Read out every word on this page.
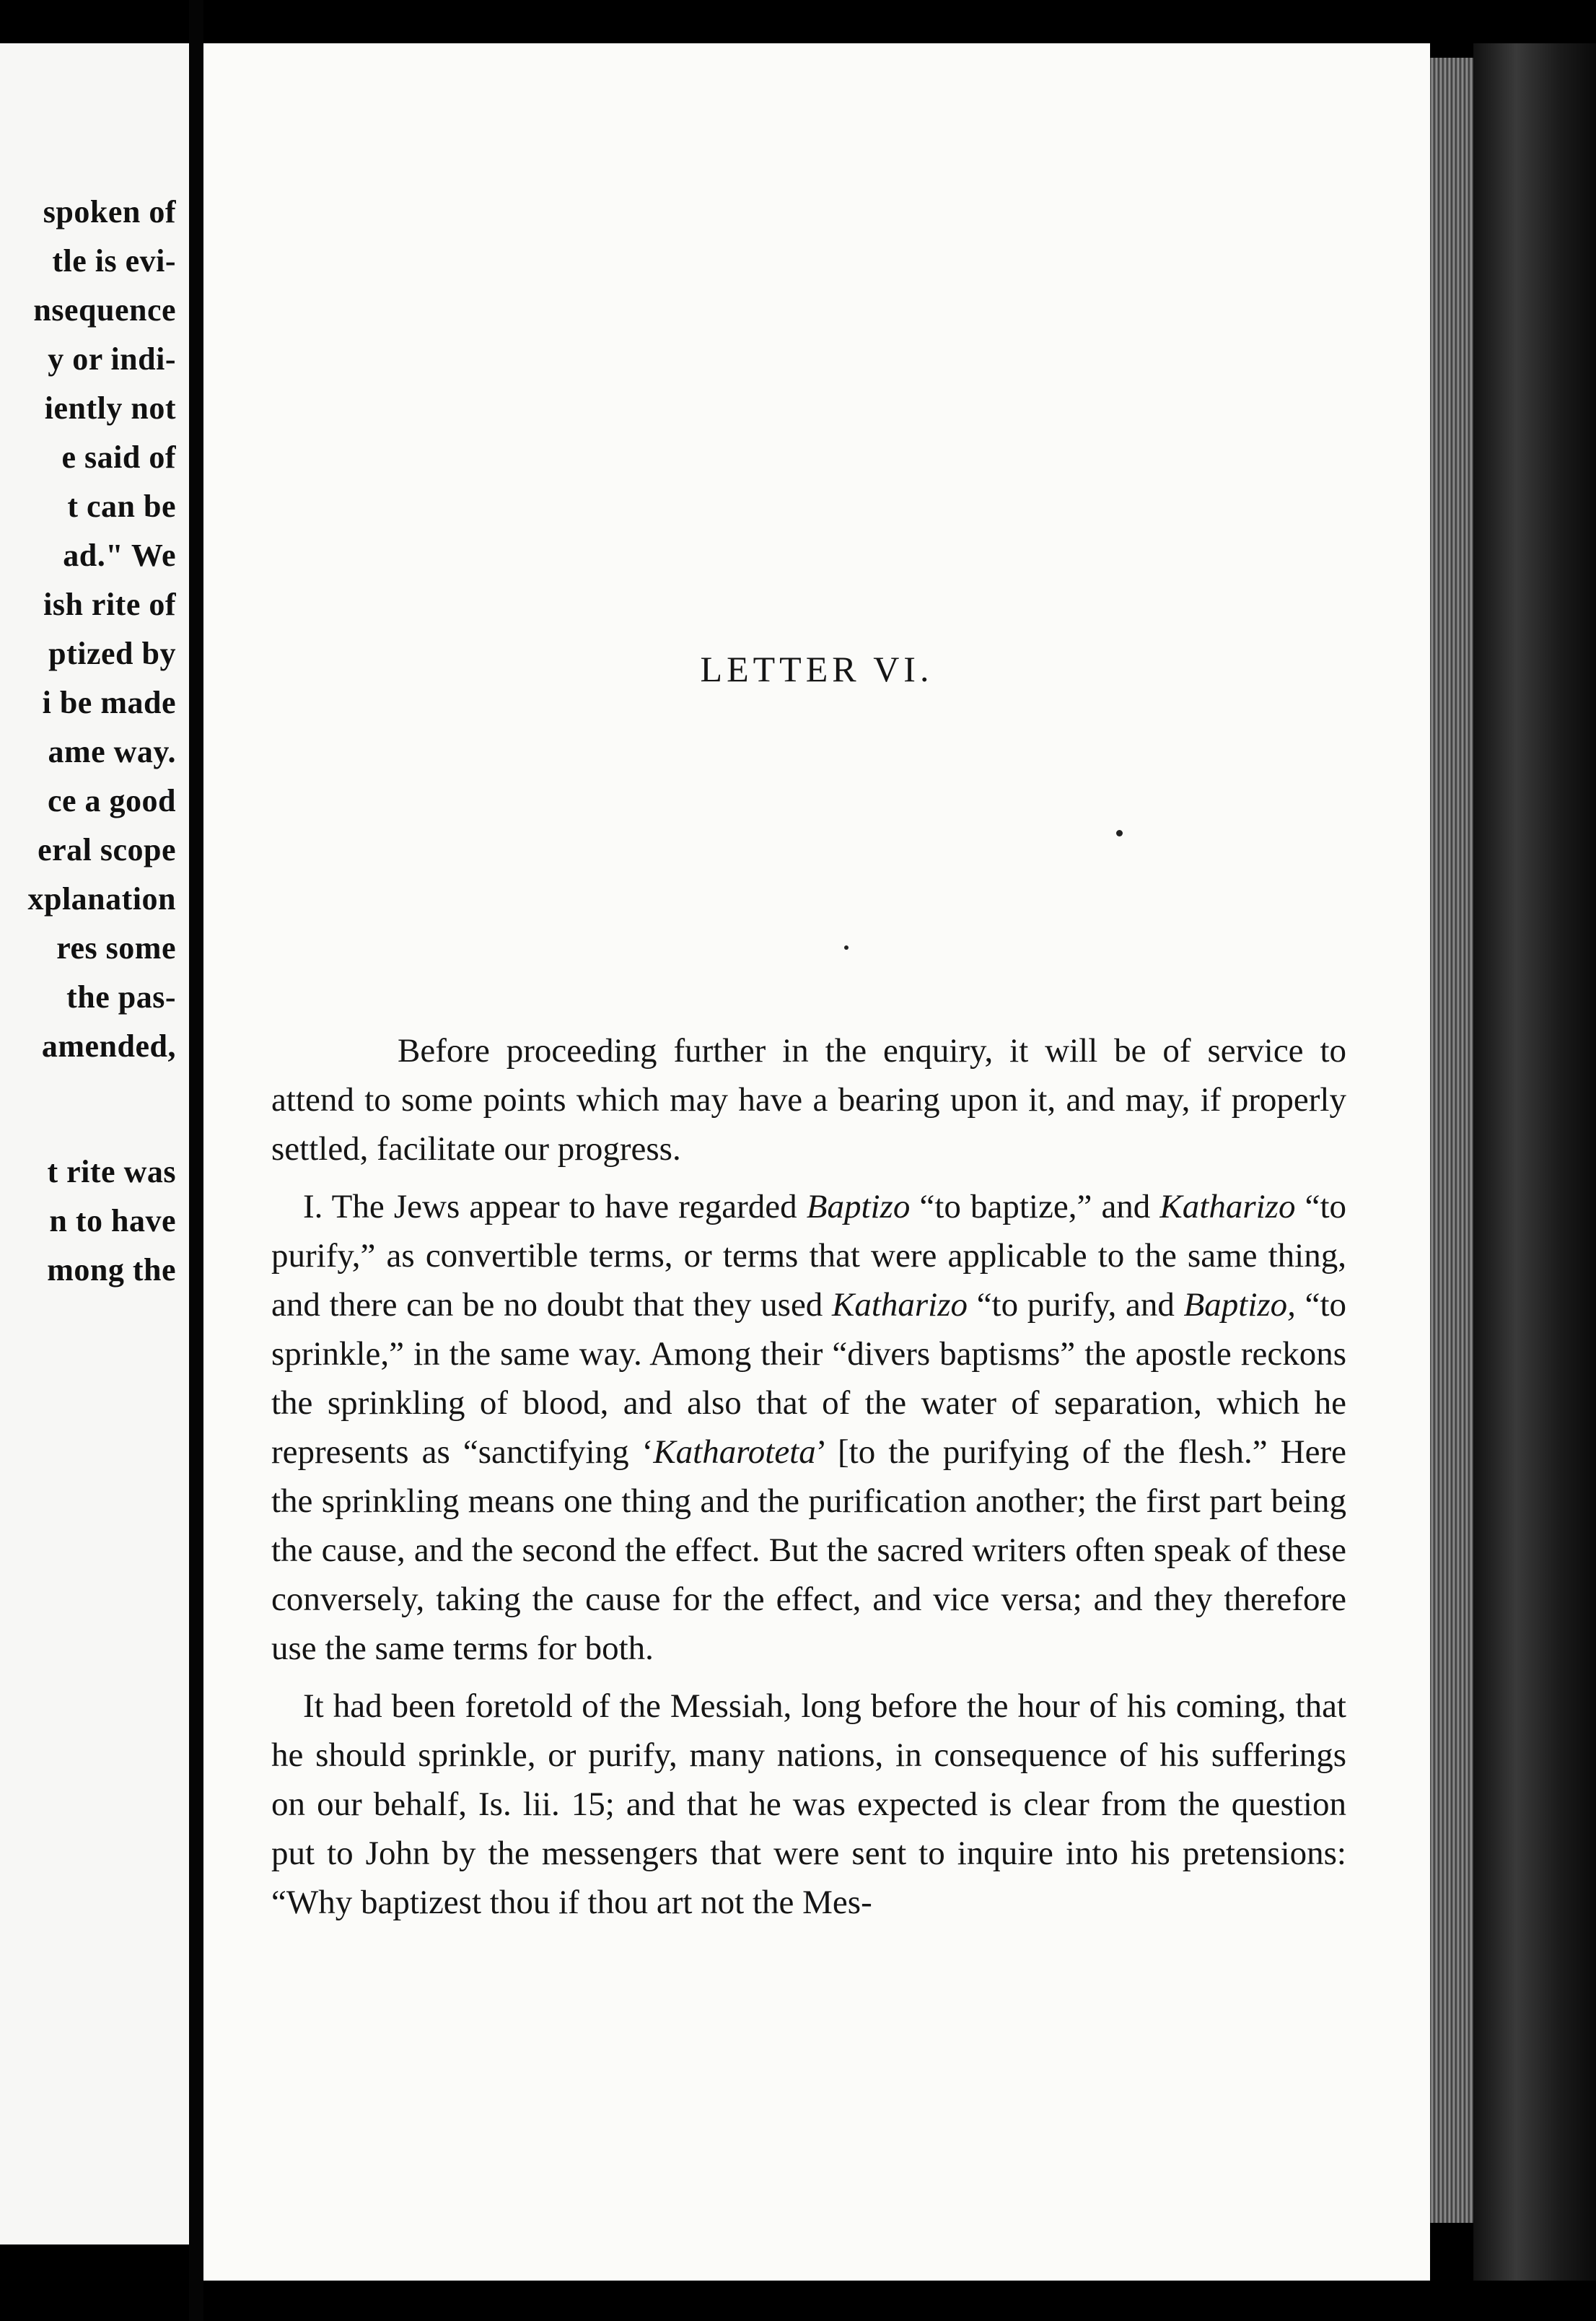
spoken of
tle is evi-
nsequence
y or indi-
iently not
e said of
t can be
ad." We
ish rite of
ptized by
i be made
ame way.
ce a good
eral scope
xplanation
res some
the pas-
amended,
t rite was
n to have
mong the
LETTER VI.

Before proceeding further in the enquiry, it will be of service to attend to some points which may have a bearing upon it, and may, if properly settled, facilitate our progress.

I. The Jews appear to have regarded Baptizo “to baptize,” and Katharizo “to purify,” as convertible terms, or terms that were applicable to the same thing, and there can be no doubt that they used Katharizo “to purify, and Baptizo, “to sprinkle,” in the same way. Among their “divers baptisms” the apostle reckons the sprinkling of blood, and also that of the water of separation, which he represents as “sanctifying ‘Katharoteta’ [to the purifying of the flesh.” Here the sprinkling means one thing and the purification another; the first part being the cause, and the second the effect. But the sacred writers often speak of these conversely, taking the cause for the effect, and vice versa; and they therefore use the same terms for both.

It had been foretold of the Messiah, long before the hour of his coming, that he should sprinkle, or purify, many nations, in consequence of his sufferings on our behalf, Is. lii. 15; and that he was expected is clear from the question put to John by the messengers that were sent to inquire into his pretensions: “Why baptizest thou if thou art not the Mes-
